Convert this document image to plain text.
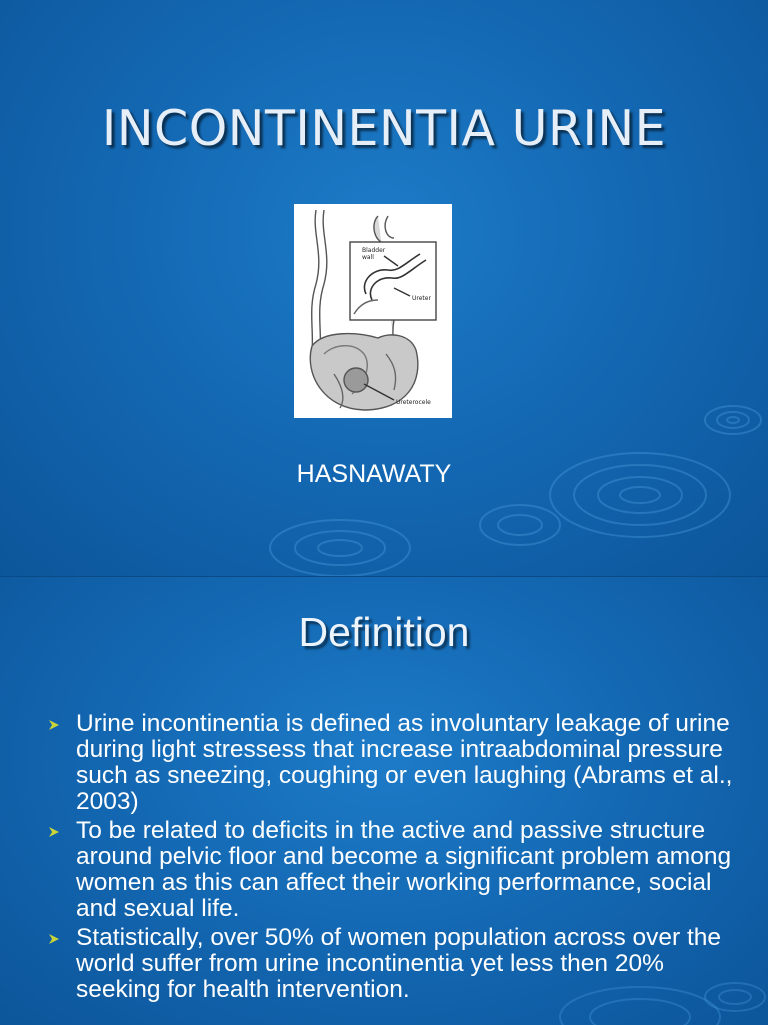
INCONTINENTIA URINE
Bladder
wall
Ureter
Ureterocele
HASNAWATY
Definition
Urine incontinentia is defined as involuntary leakage of urine during light stressess that increase intraabdominal pressure such as sneezing, coughing or even laughing (Abrams et al., 2003)
To be related to deficits in the active and passive structure around pelvic floor and become a significant problem among women as this can affect their working performance, social and sexual life.
Statistically, over 50% of women population across over the world suffer from urine incontinentia yet less then 20% seeking for health intervention.
